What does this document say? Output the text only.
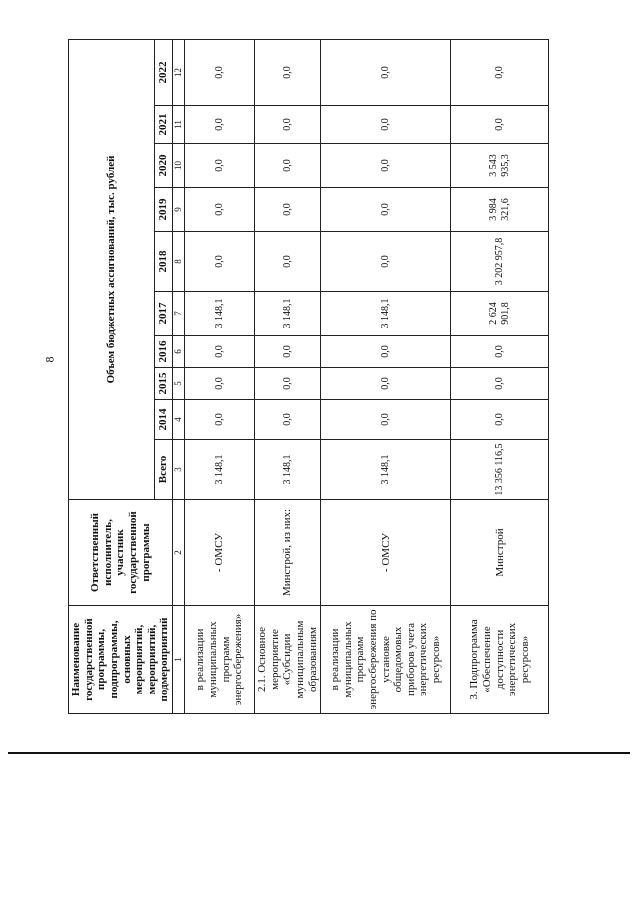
8
Наименование государственной программы, подпрограммы, основных мероприятий, мероприятий, подмероприятий	Ответственный исполнитель, участник государственной программы	Объем бюджетных ассигнований, тыс. рублей									
		Всего	2014	2015	2016	2017	2018	2019	2020	2021	2022
1	2	3	4	5	6	7	8	9	10	11	12
в реализации муниципальных программ энергосбережения»	- ОМСУ	3 148,1	0,0	0,0	0,0	3 148,1	0,0	0,0	0,0	0,0	0,0
2.1. Основное мероприятие «Субсидии муниципальным образованиям	Минстрой, из них:	3 148,1	0,0	0,0	0,0	3 148,1	0,0	0,0	0,0	0,0	0,0
в реализации муниципальных программ энергосбережения по установке общедомовых приборов учета энергетических ресурсов»	- ОМСУ	3 148,1	0,0	0,0	0,0	3 148,1	0,0	0,0	0,0	0,0	0,0
3. Подпрограмма «Обеспечение доступности энергетических ресурсов»	Минстрой	13 356 116,5	0,0	0,0	0,0	2 624 901,8	3 202 957,8	3 984 321,6	3 543 935,3	0,0	0,0
